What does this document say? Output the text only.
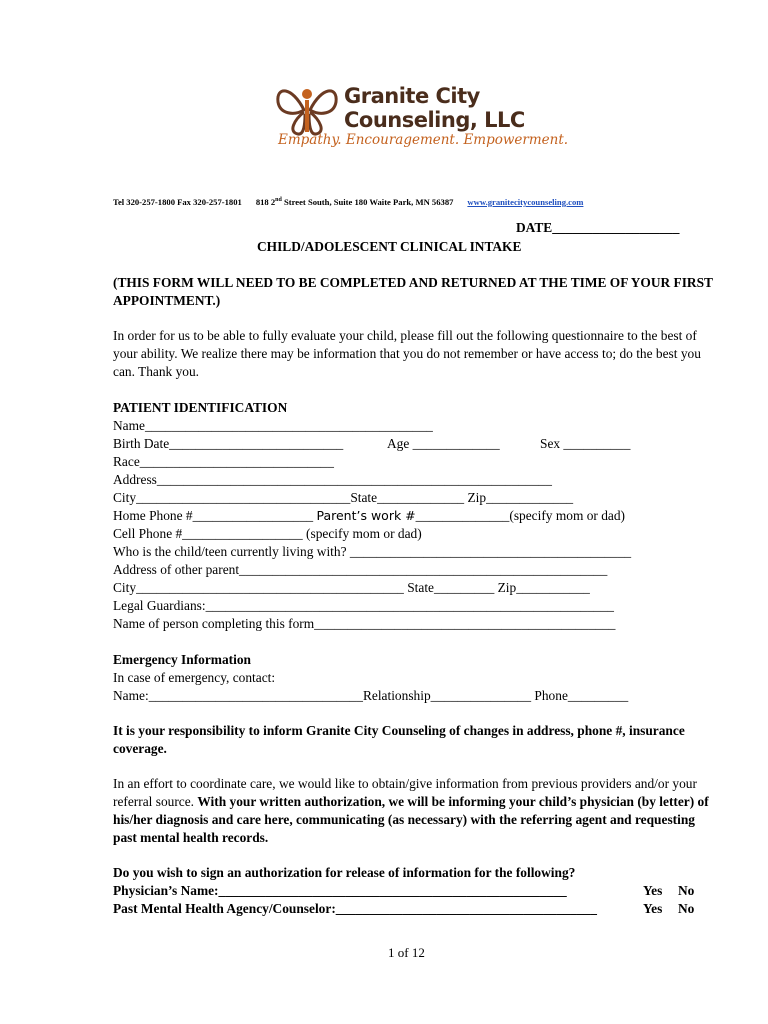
Granite City
Counseling, LLC
Empathy. Encouragement. Empowerment.
Tel 320-257-1800 Fax 320-257-1801 818 2nd Street South, Suite 180 Waite Park, MN 56387 www.granitecitycounseling.com
DATE___________________
CHILD/ADOLESCENT CLINICAL INTAKE
(THIS FORM WILL NEED TO BE COMPLETED AND RETURNED AT THE TIME OF YOUR FIRST APPOINTMENT.)
In order for us to be able to fully evaluate your child, please fill out the following questionnaire to the best of your ability. We realize there may be information that you do not remember or have access to; do the best you can. Thank you.
PATIENT IDENTIFICATION
Name___________________________________________
Birth Date__________________________	Age _____________	Sex __________
Race_____________________________
Address___________________________________________________________
City________________________________State_____________ Zip_____________
Home Phone #__________________ Parent’s work #______________(specify mom or dad)
Cell Phone #__________________ (specify mom or dad)
Who is the child/teen currently living with? __________________________________________
Address of other parent_______________________________________________________
City________________________________________ State_________ Zip___________
Legal Guardians:_____________________________________________________________
Name of person completing this form_____________________________________________
Emergency Information
In case of emergency, contact:
Name:________________________________Relationship_______________ Phone_________
It is your responsibility to inform Granite City Counseling of changes in address, phone #, insurance coverage.
In an effort to coordinate care, we would like to obtain/give information from previous providers and/or your referral source. With your written authorization, we will be informing your child’s physician (by letter) of his/her diagnosis and care here, communicating (as necessary) with the referring agent and requesting past mental health records.
Do you wish to sign an authorization for release of information for the following?
Physician’s Name:____________________________________________________	Yes No
Past Mental Health Agency/Counselor:_______________________________________	Yes No
1 of 12
